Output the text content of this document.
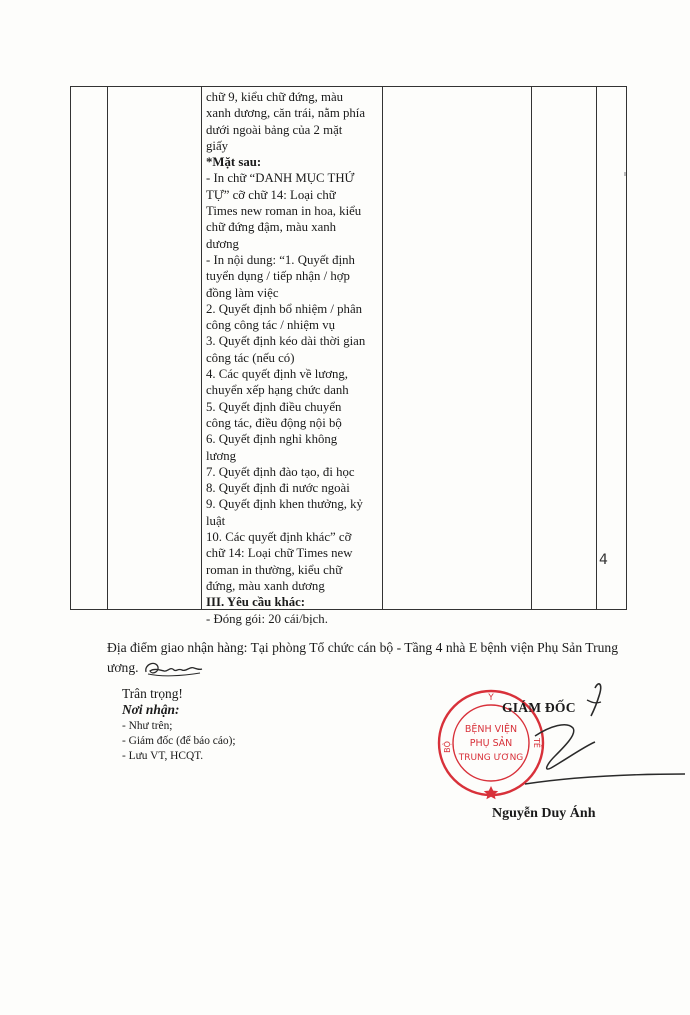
chữ 9, kiểu chữ đứng, màu
xanh dương, căn trái, nằm phía
dưới ngoài bảng của 2 mặt
giấy
*Mặt sau:
- In chữ “DANH MỤC THỨ
TỰ” cỡ chữ 14: Loại chữ
Times new roman in hoa, kiểu
chữ đứng đậm, màu xanh
dương
- In nội dung: “1. Quyết định
tuyển dụng / tiếp nhận / hợp
đồng làm việc
2. Quyết định bổ nhiệm / phân
công công tác / nhiệm vụ
3. Quyết định kéo dài thời gian
công tác (nếu có)
4. Các quyết định về lương,
chuyển xếp hạng chức danh
5. Quyết định điều chuyển
công tác, điều động nội bộ
6. Quyết định nghỉ không
lương
7. Quyết định đào tạo, đi học
8. Quyết định đi nước ngoài
9. Quyết định khen thưởng, kỷ
luật
10. Các quyết định khác” cỡ
chữ 14: Loại chữ Times new
roman in thường, kiểu chữ
đứng, màu xanh dương
III. Yêu cầu khác:
- Đóng gói: 20 cái/bịch.
4
Địa điểm giao nhận hàng: Tại phòng Tổ chức cán bộ - Tầng 4 nhà E bệnh viện Phụ Sản Trung ương.
Trân trọng!
Nơi nhận:
- Như trên;
- Giám đốc (để báo cáo);
- Lưu VT, HCQT.
Y
BỘ	TẾ
BỆNH VIỆN
PHỤ SẢN
TRUNG ƯƠNG
GIÁM ĐỐC
Nguyễn Duy Ánh
